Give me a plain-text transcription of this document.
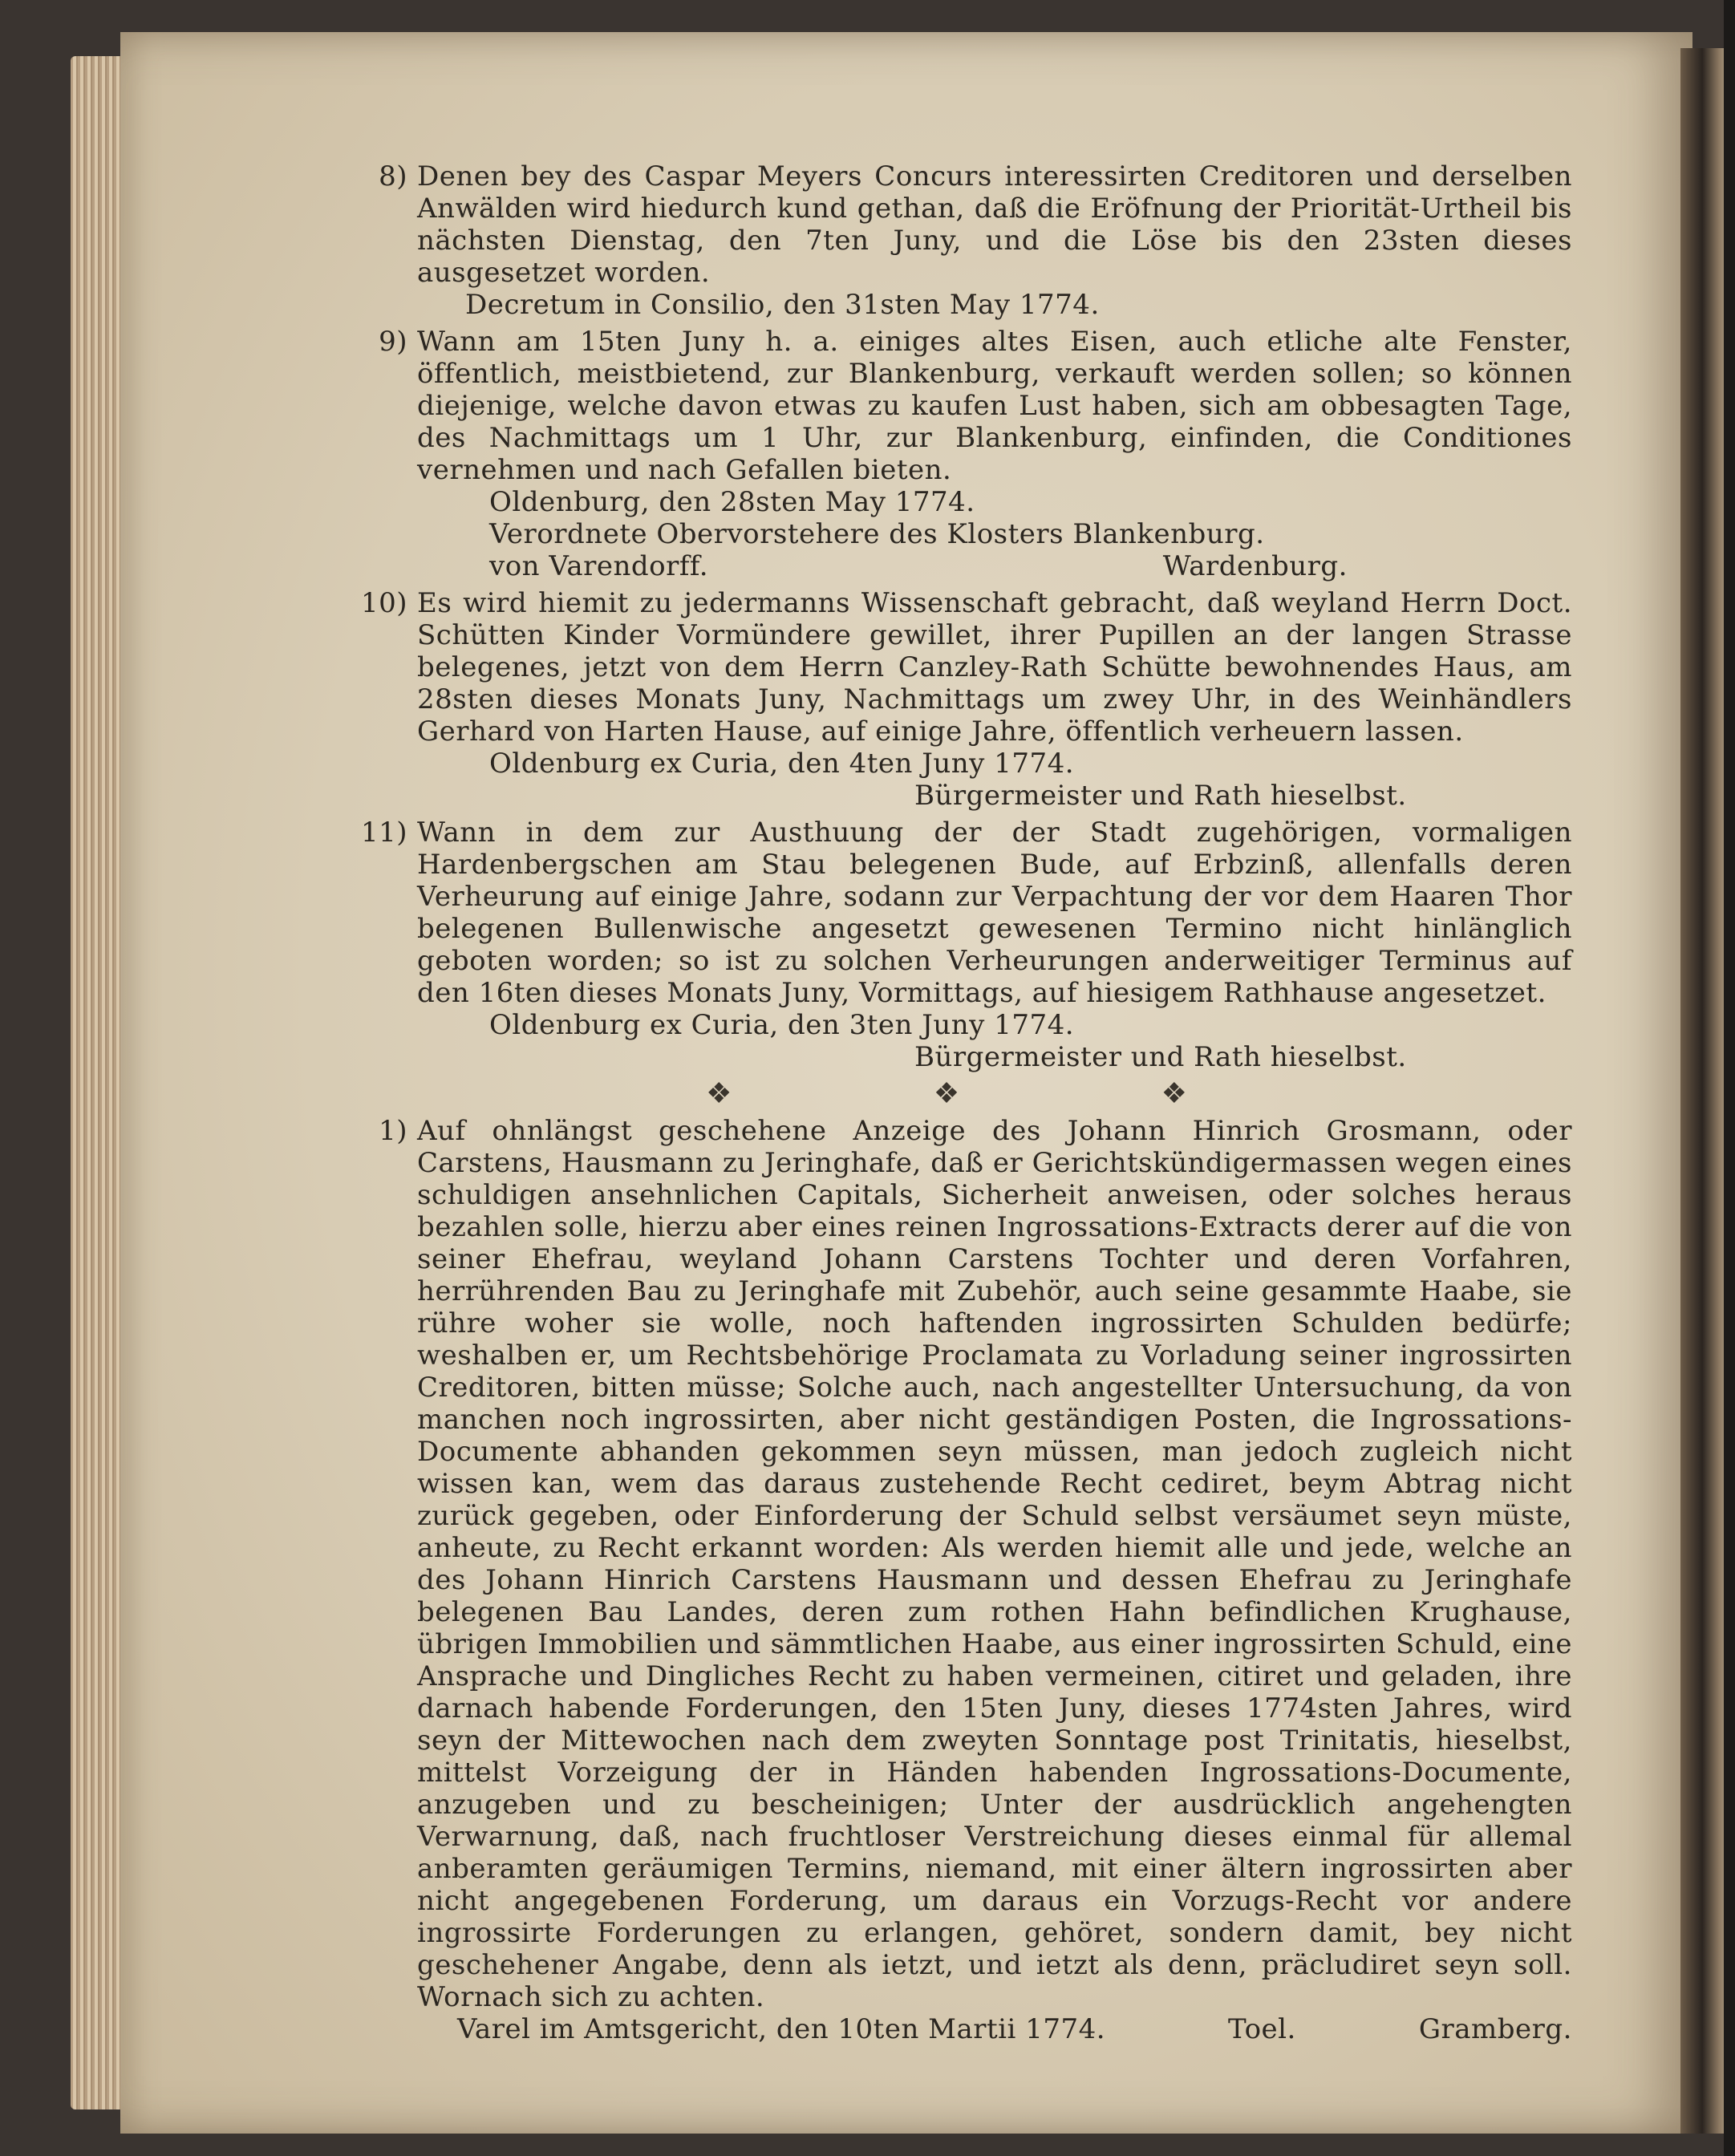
8) Denen bey des Caspar Meyers Concurs interessirten Creditoren und derselben Anwälden wird hiedurch kund gethan, daß die Eröfnung der Priorität-Urtheil bis nächsten Dienstag, den 7ten Juny, und die Löse bis den 23sten dieses ausgesetzet worden.
Decretum in Consilio, den 31sten May 1774.
9) Wann am 15ten Juny h. a. einiges altes Eisen, auch etliche alte Fenster, öffentlich, meistbietend, zur Blankenburg, verkauft werden sollen; so können diejenige, welche davon etwas zu kaufen Lust haben, sich am obbesagten Tage, des Nachmittags um 1 Uhr, zur Blankenburg, einfinden, die Conditiones vernehmen und nach Gefallen bieten.
Oldenburg, den 28sten May 1774.
Verordnete Obervorstehere des Klosters Blankenburg.
von Varendorff.	Wardenburg.
10) Es wird hiemit zu jedermanns Wissenschaft gebracht, daß weyland Herrn Doct. Schütten Kinder Vormündere gewillet, ihrer Pupillen an der langen Strasse belegenes, jetzt von dem Herrn Canzley-Rath Schütte bewohnendes Haus, am 28sten dieses Monats Juny, Nachmittags um zwey Uhr, in des Weinhändlers Gerhard von Harten Hause, auf einige Jahre, öffentlich verheuern lassen.
Oldenburg ex Curia, den 4ten Juny 1774.
Bürgermeister und Rath hieselbst.
11) Wann in dem zur Austhuung der der Stadt zugehörigen, vormaligen Hardenbergschen am Stau belegenen Bude, auf Erbzinß, allenfalls deren Verheurung auf einige Jahre, sodann zur Verpachtung der vor dem Haaren Thor belegenen Bullenwische angesetzt gewesenen Termino nicht hinlänglich geboten worden; so ist zu solchen Verheurungen anderweitiger Terminus auf den 16ten dieses Monats Juny, Vormittags, auf hiesigem Rathhause angesetzet.
Oldenburg ex Curia, den 3ten Juny 1774.
Bürgermeister und Rath hieselbst.
❖ ❖ ❖
1) Auf ohnlängst geschehene Anzeige des Johann Hinrich Grosmann, oder Carstens, Hausmann zu Jeringhafe, daß er Gerichtskündigermassen wegen eines schuldigen ansehnlichen Capitals, Sicherheit anweisen, oder solches heraus bezahlen solle, hierzu aber eines reinen Ingrossations-Extracts derer auf die von seiner Ehefrau, weyland Johann Carstens Tochter und deren Vorfahren, herrührenden Bau zu Jeringhafe mit Zubehör, auch seine gesammte Haabe, sie rühre woher sie wolle, noch haftenden ingrossirten Schulden bedürfe; weshalben er, um Rechtsbehörige Proclamata zu Vorladung seiner ingrossirten Creditoren, bitten müsse; Solche auch, nach angestellter Untersuchung, da von manchen noch ingrossirten, aber nicht geständigen Posten, die Ingrossations-Documente abhanden gekommen seyn müssen, man jedoch zugleich nicht wissen kan, wem das daraus zustehende Recht cediret, beym Abtrag nicht zurück gegeben, oder Einforderung der Schuld selbst versäumet seyn müste, anheute, zu Recht erkannt worden: Als werden hiemit alle und jede, welche an des Johann Hinrich Carstens Hausmann und dessen Ehefrau zu Jeringhafe belegenen Bau Landes, deren zum rothen Hahn befindlichen Krughause, übrigen Immobilien und sämmtlichen Haabe, aus einer ingrossirten Schuld, eine Ansprache und Dingliches Recht zu haben vermeinen, citiret und geladen, ihre darnach habende Forderungen, den 15ten Juny, dieses 1774sten Jahres, wird seyn der Mittewochen nach dem zweyten Sonntage post Trinitatis, hieselbst, mittelst Vorzeigung der in Händen habenden Ingrossations-Documente, anzugeben und zu bescheinigen; Unter der ausdrücklich angehengten Verwarnung, daß, nach fruchtloser Verstreichung dieses einmal für allemal anberamten geräumigen Termins, niemand, mit einer ältern ingrossirten aber nicht angegebenen Forderung, um daraus ein Vorzugs-Recht vor andere ingrossirte Forderungen zu erlangen, gehöret, sondern damit, bey nicht geschehener Angabe, denn als ietzt, und ietzt als denn, präcludiret seyn soll. Wornach sich zu achten.
Varel im Amtsgericht, den 10ten Martii 1774.	Toel.	Gramberg.
